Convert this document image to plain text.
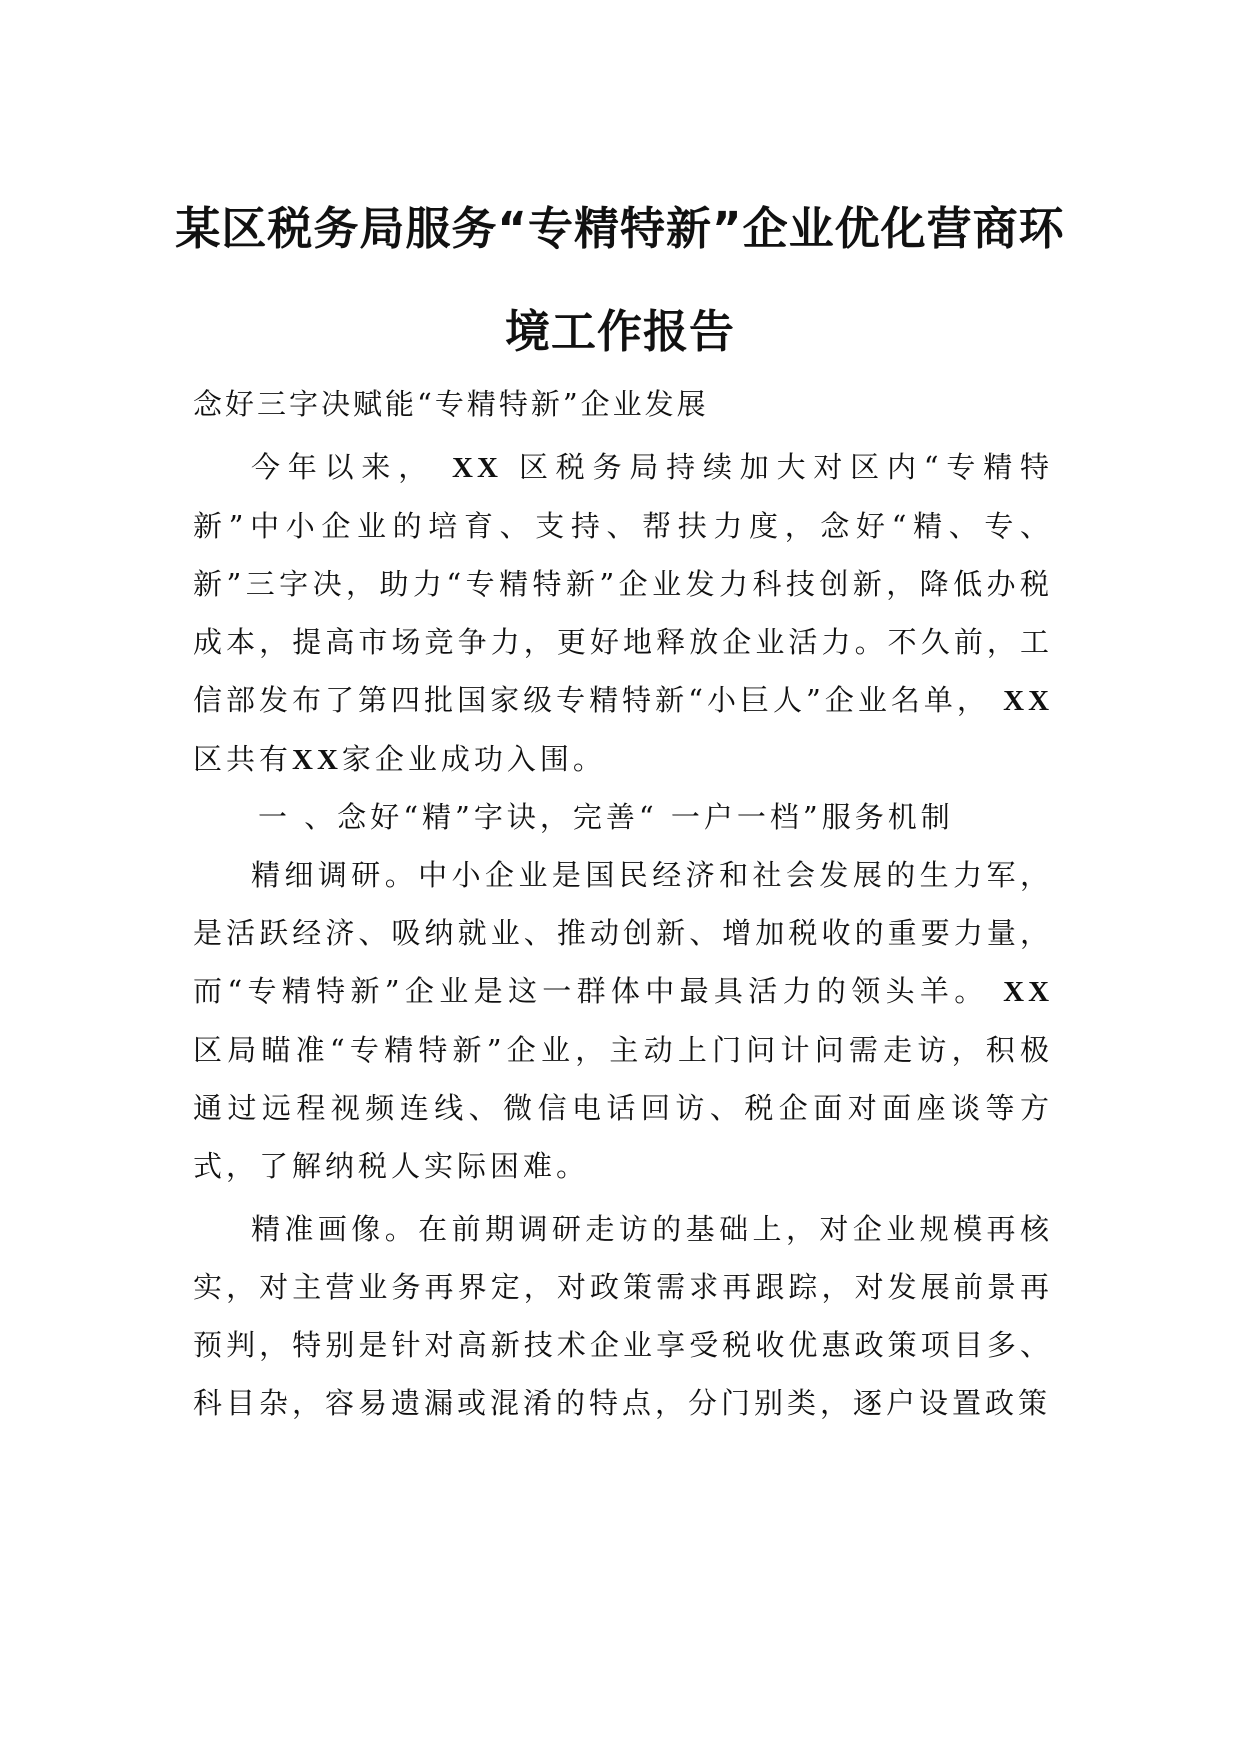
某区税务局服务“专精特新”企业优化营商环
境工作报告
念好三字决赋能“专精特新”企业发展

今年以来， XX 区税务局持续加大对区内“专精特新”中小企业的培育、支持、帮扶力度，念好“精、专、新”三字决，助力“专精特新”企业发力科技创新，降低办税成本，提高市场竞争力，更好地释放企业活力。不久前，工信部发布了第四批国家级专精特新“小巨人”企业名单， XX 区共有XX家企业成功入围。

一 、念好“精”字诀，完善“ 一户一档”服务机制

精细调研。中小企业是国民经济和社会发展的生力军，是活跃经济、吸纳就业、推动创新、增加税收的重要力量，而“专精特新”企业是这一群体中最具活力的领头羊。 XX 区局瞄准“专精特新”企业，主动上门问计问需走访，积极通过远程视频连线、微信电话回访、税企面对面座谈等方式，了解纳税人实际困难。

精准画像。在前期调研走访的基础上，对企业规模再核实，对主营业务再界定，对政策需求再跟踪，对发展前景再预判，特别是针对高新技术企业享受税收优惠政策项目多、科目杂，容易遗漏或混淆的特点，分门别类，逐户设置政策
